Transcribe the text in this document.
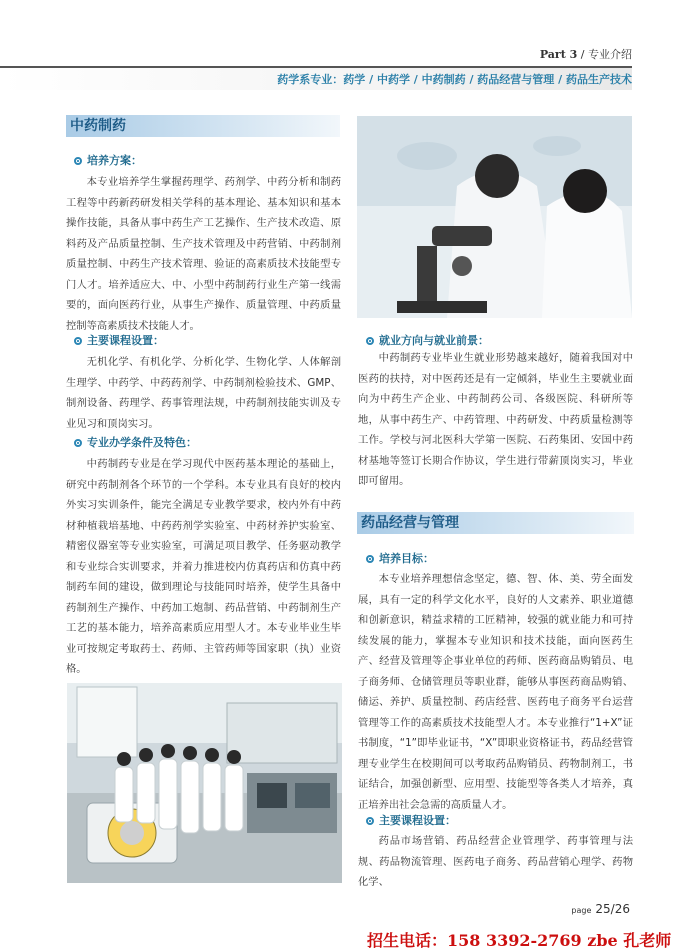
Part 3 / 专业介绍
药学系专业：药学 / 中药学 / 中药制药 / 药品经营与管理 / 药品生产技术
中药制药
培养方案：

本专业培养学生掌握药理学、药剂学、中药分析和制药工程等中药新药研发相关学科的基本理论、基本知识和基本操作技能，具备从事中药生产工艺操作、生产技术改造、原料药及产品质量控制、生产技术管理及中药营销、中药制剂质量控制、中药生产技术管理、验证的高素质技术技能型专门人才。培养适应大、中、小型中药制药行业生产第一线需要的，面向医药行业，从事生产操作、质量管理、中药质量控制等高素质技术技能人才。

主要课程设置：

无机化学、有机化学、分析化学、生物化学、人体解剖生理学、中药学、中药药剂学、中药制剂检验技术、GMP、制剂设备、药理学、药事管理法规，中药制剂技能实训及专业见习和顶岗实习。

专业办学条件及特色：

中药制药专业是在学习现代中医药基本理论的基础上，研究中药制剂各个环节的一个学科。本专业具有良好的校内外实习实训条件，能完全满足专业教学要求，校内外有中药材种植栽培基地、中药药剂学实验室、中药材养护实验室、精密仪器室等专业实验室，可满足项目教学、任务驱动教学和专业综合实训要求，并着力推进校内仿真药店和仿真中药制药车间的建设，做到理论与技能同时培养，使学生具备中药制剂生产操作、中药加工炮制、药品营销、中药制剂生产工艺的基本能力，培养高素质应用型人才。本专业毕业生毕业可按规定考取药士、药师、主管药师等国家职（执）业资格。

就业方向与就业前景：

中药制药专业毕业生就业形势越来越好，随着我国对中医药的扶持，对中医药还是有一定倾斜，毕业生主要就业面向为中药生产企业、中药制药公司、各级医院、科研所等地，从事中药生产、中药管理、中药研发、中药质量检测等工作。学校与河北医科大学第一医院、石药集团、安国中药材基地等签订长期合作协议，学生进行带薪顶岗实习，毕业即可留用。

药品经营与管理
培养目标：

本专业培养理想信念坚定，德、智、体、美、劳全面发展，具有一定的科学文化水平，良好的人文素养、职业道德和创新意识，精益求精的工匠精神，较强的就业能力和可持续发展的能力，掌握本专业知识和技术技能，面向医药生产、经营及管理等企事业单位的药师、医药商品购销员、电子商务师、仓储管理员等职业群，能够从事医药商品购销、储运、养护、质量控制、药店经营、医药电子商务平台运营管理等工作的高素质技术技能型人才。本专业推行“1+X”证书制度，“1”即毕业证书，“X”即职业资格证书，药品经营管理专业学生在校期间可以考取药品购销员、药物制剂工，书证结合，加强创新型、应用型、技能型等各类人才培养，真正培养出社会急需的高质量人才。

主要课程设置：

药品市场营销、药品经营企业管理学、药事管理与法规、药品物流管理、医药电子商务、药品营销心理学、药物化学、

page 25/26
招生电话：158 3392-2769 zbe 孔老师
